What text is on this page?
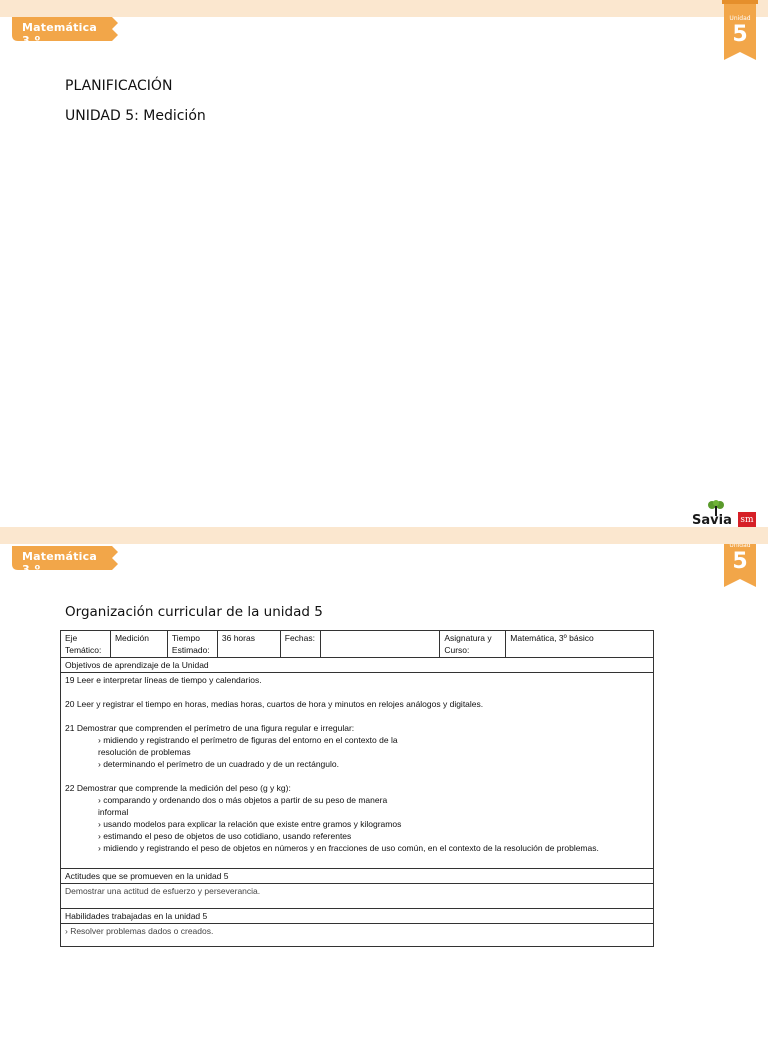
Matemática 3.º
Unidad
5
PLANIFICACIÓN
UNIDAD 5: Medición
Savia sm
Matemática 3.º
Unidad
5
Organización curricular de la unidad 5
Eje Temático:	Medición	Tiempo Estimado:	36 horas	Fechas:		Asignatura y Curso:	Matemática, 3º básico
Objetivos de aprendizaje de la Unidad

19 Leer e interpretar líneas de tiempo y calendarios.

20 Leer y registrar el tiempo en horas, medias horas, cuartos de hora y minutos en relojes análogos y digitales.

21 Demostrar que comprenden el perímetro de una figura regular e irregular:

› midiendo y registrando el perímetro de figuras del entorno en el contexto de la

resolución de problemas

› determinando el perímetro de un cuadrado y de un rectángulo.

22 Demostrar que comprende la medición del peso (g y kg):

› comparando y ordenando dos o más objetos a partir de su peso de manera

informal

› usando modelos para explicar la relación que existe entre gramos y kilogramos

› estimando el peso de objetos de uso cotidiano, usando referentes

› midiendo y registrando el peso de objetos en números y en fracciones de uso común, en el contexto de la resolución de problemas.

Actitudes que se promueven en la unidad 5
Demostrar una actitud de esfuerzo y perseverancia.
Habilidades trabajadas en la unidad 5
› Resolver problemas dados o creados.
